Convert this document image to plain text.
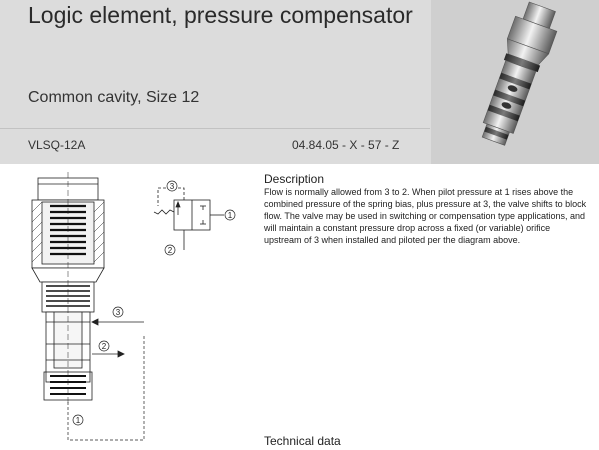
Logic element, pressure compensator
Common cavity, Size 12
VLSQ-12A	04.84.05 - X - 57 - Z
3
2
1
3
2
1
Description
Flow is normally allowed from 3 to 2. When pilot pressure at 1 rises above the combined pressure of the spring bias, plus pressure at 3, the valve shifts to block flow. The valve may be used in switching or compensation type applications, and will maintain a constant pressure drop across a fixed (or variable) orifice upstream of 3 when installed and piloted per the diagram above.
Technical data
